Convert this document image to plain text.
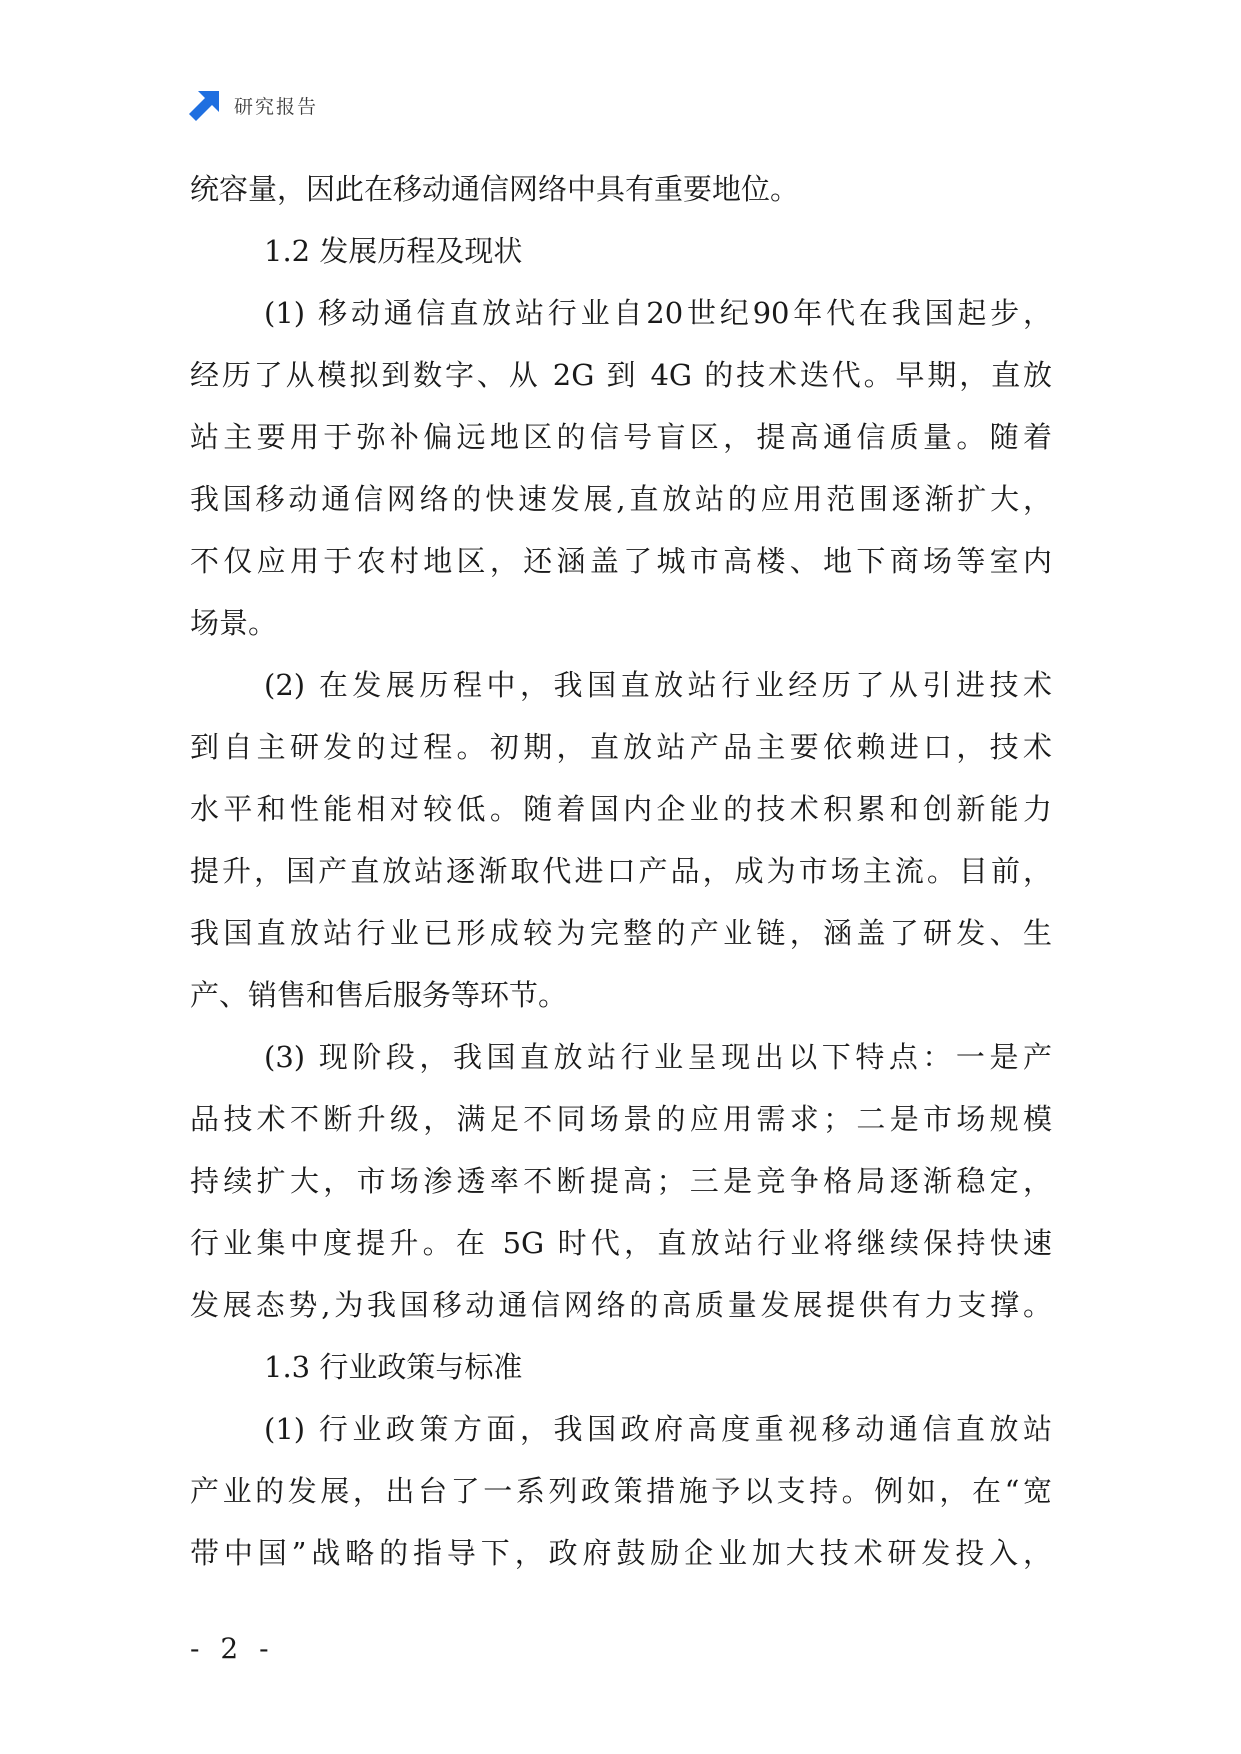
研究报告
统容量，因此在移动通信网络中具有重要地位。
1.2 发展历程及现状
(1) 移动通信直放站行业自20世纪90年代在我国起步，
经历了从模拟到数字、从 2G 到 4G 的技术迭代。早期，直放
站主要用于弥补偏远地区的信号盲区，提高通信质量。随着
我国移动通信网络的快速发展,直放站的应用范围逐渐扩大，
不仅应用于农村地区，还涵盖了城市高楼、地下商场等室内
场景。
(2) 在发展历程中，我国直放站行业经历了从引进技术
到自主研发的过程。初期，直放站产品主要依赖进口，技术
水平和性能相对较低。随着国内企业的技术积累和创新能力
提升，国产直放站逐渐取代进口产品，成为市场主流。目前，
我国直放站行业已形成较为完整的产业链，涵盖了研发、生
产、销售和售后服务等环节。
(3) 现阶段，我国直放站行业呈现出以下特点：一是产
品技术不断升级，满足不同场景的应用需求；二是市场规模
持续扩大，市场渗透率不断提高；三是竞争格局逐渐稳定，
行业集中度提升。在 5G 时代，直放站行业将继续保持快速
发展态势,为我国移动通信网络的高质量发展提供有力支撑。
1.3 行业政策与标准
(1) 行业政策方面，我国政府高度重视移动通信直放站
产业的发展，出台了一系列政策措施予以支持。例如，在“宽
带中国”战略的指导下，政府鼓励企业加大技术研发投入，
- 2 -
